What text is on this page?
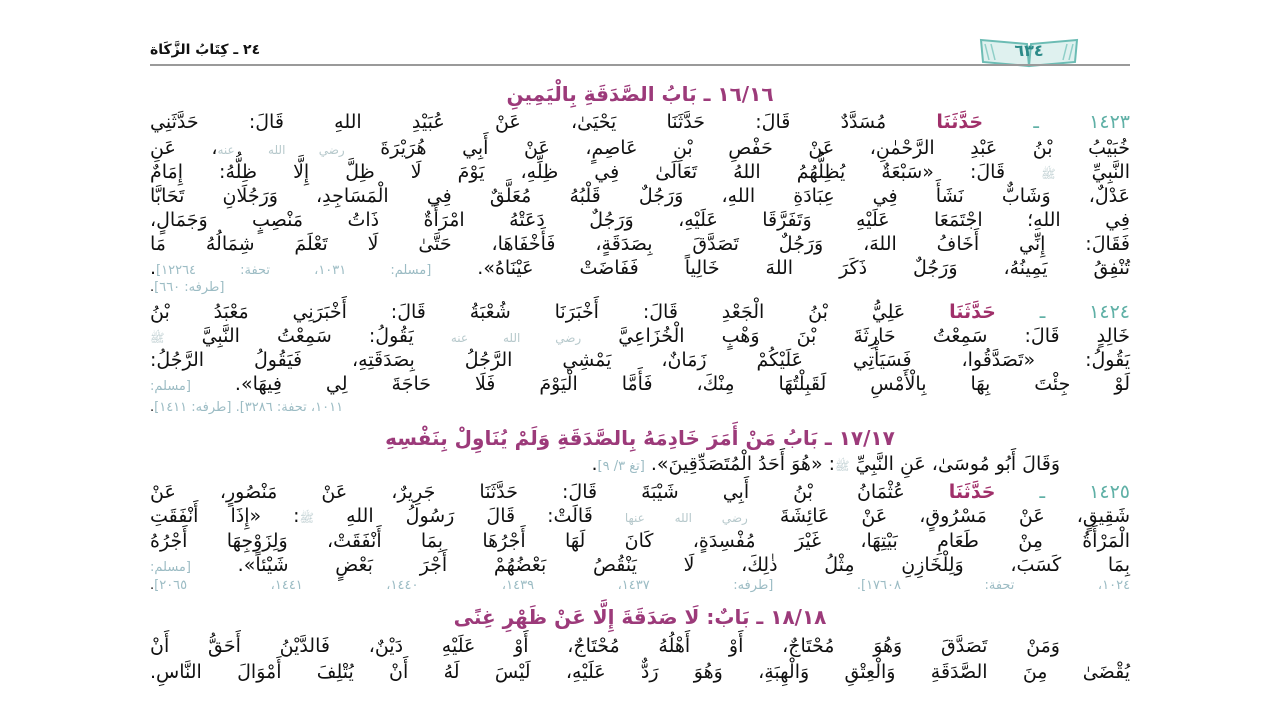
٢٤ ـ كِتَابُ الزَّكَاة	٦٣٤
١٦/١٦ ـ بَابُ الصَّدَقَةِ بِالْيَمِينِ
١٤٢٣ ـ حَدَّثَنَا مُسَدَّدٌ قَالَ: حَدَّثَنَا يَحْيَىٰ، عَنْ عُبَيْدِ اللهِ قَالَ: حَدَّثَنِي
خُبَيْبُ بْنُ عَبْدِ الرَّحْمٰنِ، عَنْ حَفْصِ بْنِ عَاصِمٍ، عَنْ أَبِي هُرَيْرَةَ رضي الله عنه، عَنِ
النَّبِيِّ ﷺ قَالَ: «سَبْعَةٌ يُظِلُّهُمُ اللهُ تَعَالَىٰ فِي ظِلِّهِ، يَوْمَ لَا ظِلَّ إِلَّا ظِلُّهُ: إِمَامٌ
عَدْلٌ، وَشَابٌّ نَشَأَ فِي عِبَادَةِ اللهِ، وَرَجُلٌ قَلْبُهُ مُعَلَّقٌ فِي الْمَسَاجِدِ، وَرَجُلَانِ تَحَابَّا
فِي اللهِ؛ اجْتَمَعَا عَلَيْهِ وَتَفَرَّقَا عَلَيْهِ، وَرَجُلٌ دَعَتْهُ امْرَأَةٌ ذَاتُ مَنْصِبٍ وَجَمَالٍ،
فَقَالَ: إِنِّي أَخَافُ اللهَ، وَرَجُلٌ تَصَدَّقَ بِصَدَقَةٍ، فَأَخْفَاهَا، حَتَّىٰ لَا تَعْلَمَ شِمَالُهُ مَا
تُنْفِقُ يَمِينُهُ، وَرَجُلٌ ذَكَرَ اللهَ خَالِياً فَفَاضَتْ عَيْنَاهُ». [مسلم: ١٠٣١، تحفة: ١٢٢٦٤].
[طرفه: ٦٦٠].
١٤٢٤ ـ حَدَّثَنَا عَلِيُّ بْنُ الْجَعْدِ قَالَ: أَخْبَرَنَا شُعْبَةُ قَالَ: أَخْبَرَنِي مَعْبَدُ بْنُ
خَالِدٍ قَالَ: سَمِعْتُ حَارِثَةَ بْنَ وَهْبٍ الْخُزَاعِيَّ رضي الله عنه يَقُولُ: سَمِعْتُ النَّبِيَّ ﷺ
يَقُولُ: «تَصَدَّقُوا، فَسَيَأْتِي عَلَيْكُمْ زَمَانٌ، يَمْشِي الرَّجُلُ بِصَدَقَتِهِ، فَيَقُولُ الرَّجُلُ:
لَوْ جِئْتَ بِهَا بِالْأَمْسِ لَقَبِلْتُهَا مِنْكَ، فَأَمَّا الْيَوْمَ فَلَا حَاجَةَ لِي فِيهَا». [مسلم:
١٠١١، تحفة: ٣٢٨٦]. [طرفه: ١٤١١].
١٧/١٧ ـ بَابُ مَنْ أَمَرَ خَادِمَهُ بِالصَّدَقَةِ وَلَمْ يُنَاوِلْ بِنَفْسِهِ
وَقَالَ أَبُو مُوسَىٰ، عَنِ النَّبِيِّ ﷺ: «هُوَ أَحَدُ الْمُتَصَدِّقِينَ». [تغ ٣/ ٩].
١٤٢٥ ـ حَدَّثَنَا عُثْمَانُ بْنُ أَبِي شَيْبَةَ قَالَ: حَدَّثَنَا جَرِيرٌ، عَنْ مَنْصُورٍ، عَنْ
شَقِيقٍ، عَنْ مَسْرُوقٍ، عَنْ عَائِشَةَ رضي الله عنها قَالَتْ: قَالَ رَسُولُ اللهِ ﷺ: «إِذَا أَنْفَقَتِ
الْمَرْأَةُ مِنْ طَعَامِ بَيْتِهَا، غَيْرَ مُفْسِدَةٍ، كَانَ لَهَا أَجْرُهَا بِمَا أَنْفَقَتْ، وَلِزَوْجِهَا أَجْرُهُ
بِمَا كَسَبَ، وَلِلْخَازِنِ مِثْلُ ذٰلِكَ، لَا يَنْقُصُ بَعْضُهُمْ أَجْرَ بَعْضٍ شَيْئاً». [مسلم:
١٠٢٤، تحفة: ١٧٦٠٨]. [طرفه: ١٤٣٧، ١٤٣٩، ١٤٤٠، ١٤٤١، ٢٠٦٥].
١٨/١٨ ـ بَابٌ: لَا صَدَقَةَ إِلَّا عَنْ ظَهْرِ غِنًى
وَمَنْ تَصَدَّقَ وَهُوَ مُحْتَاجٌ، أَوْ أَهْلُهُ مُحْتَاجٌ، أَوْ عَلَيْهِ دَيْنٌ، فَالدَّيْنُ أَحَقُّ أَنْ
يُقْضَىٰ مِنَ الصَّدَقَةِ وَالْعِتْقِ وَالْهِبَةِ، وَهُوَ رَدٌّ عَلَيْهِ، لَيْسَ لَهُ أَنْ يُتْلِفَ أَمْوَالَ النَّاسِ.
